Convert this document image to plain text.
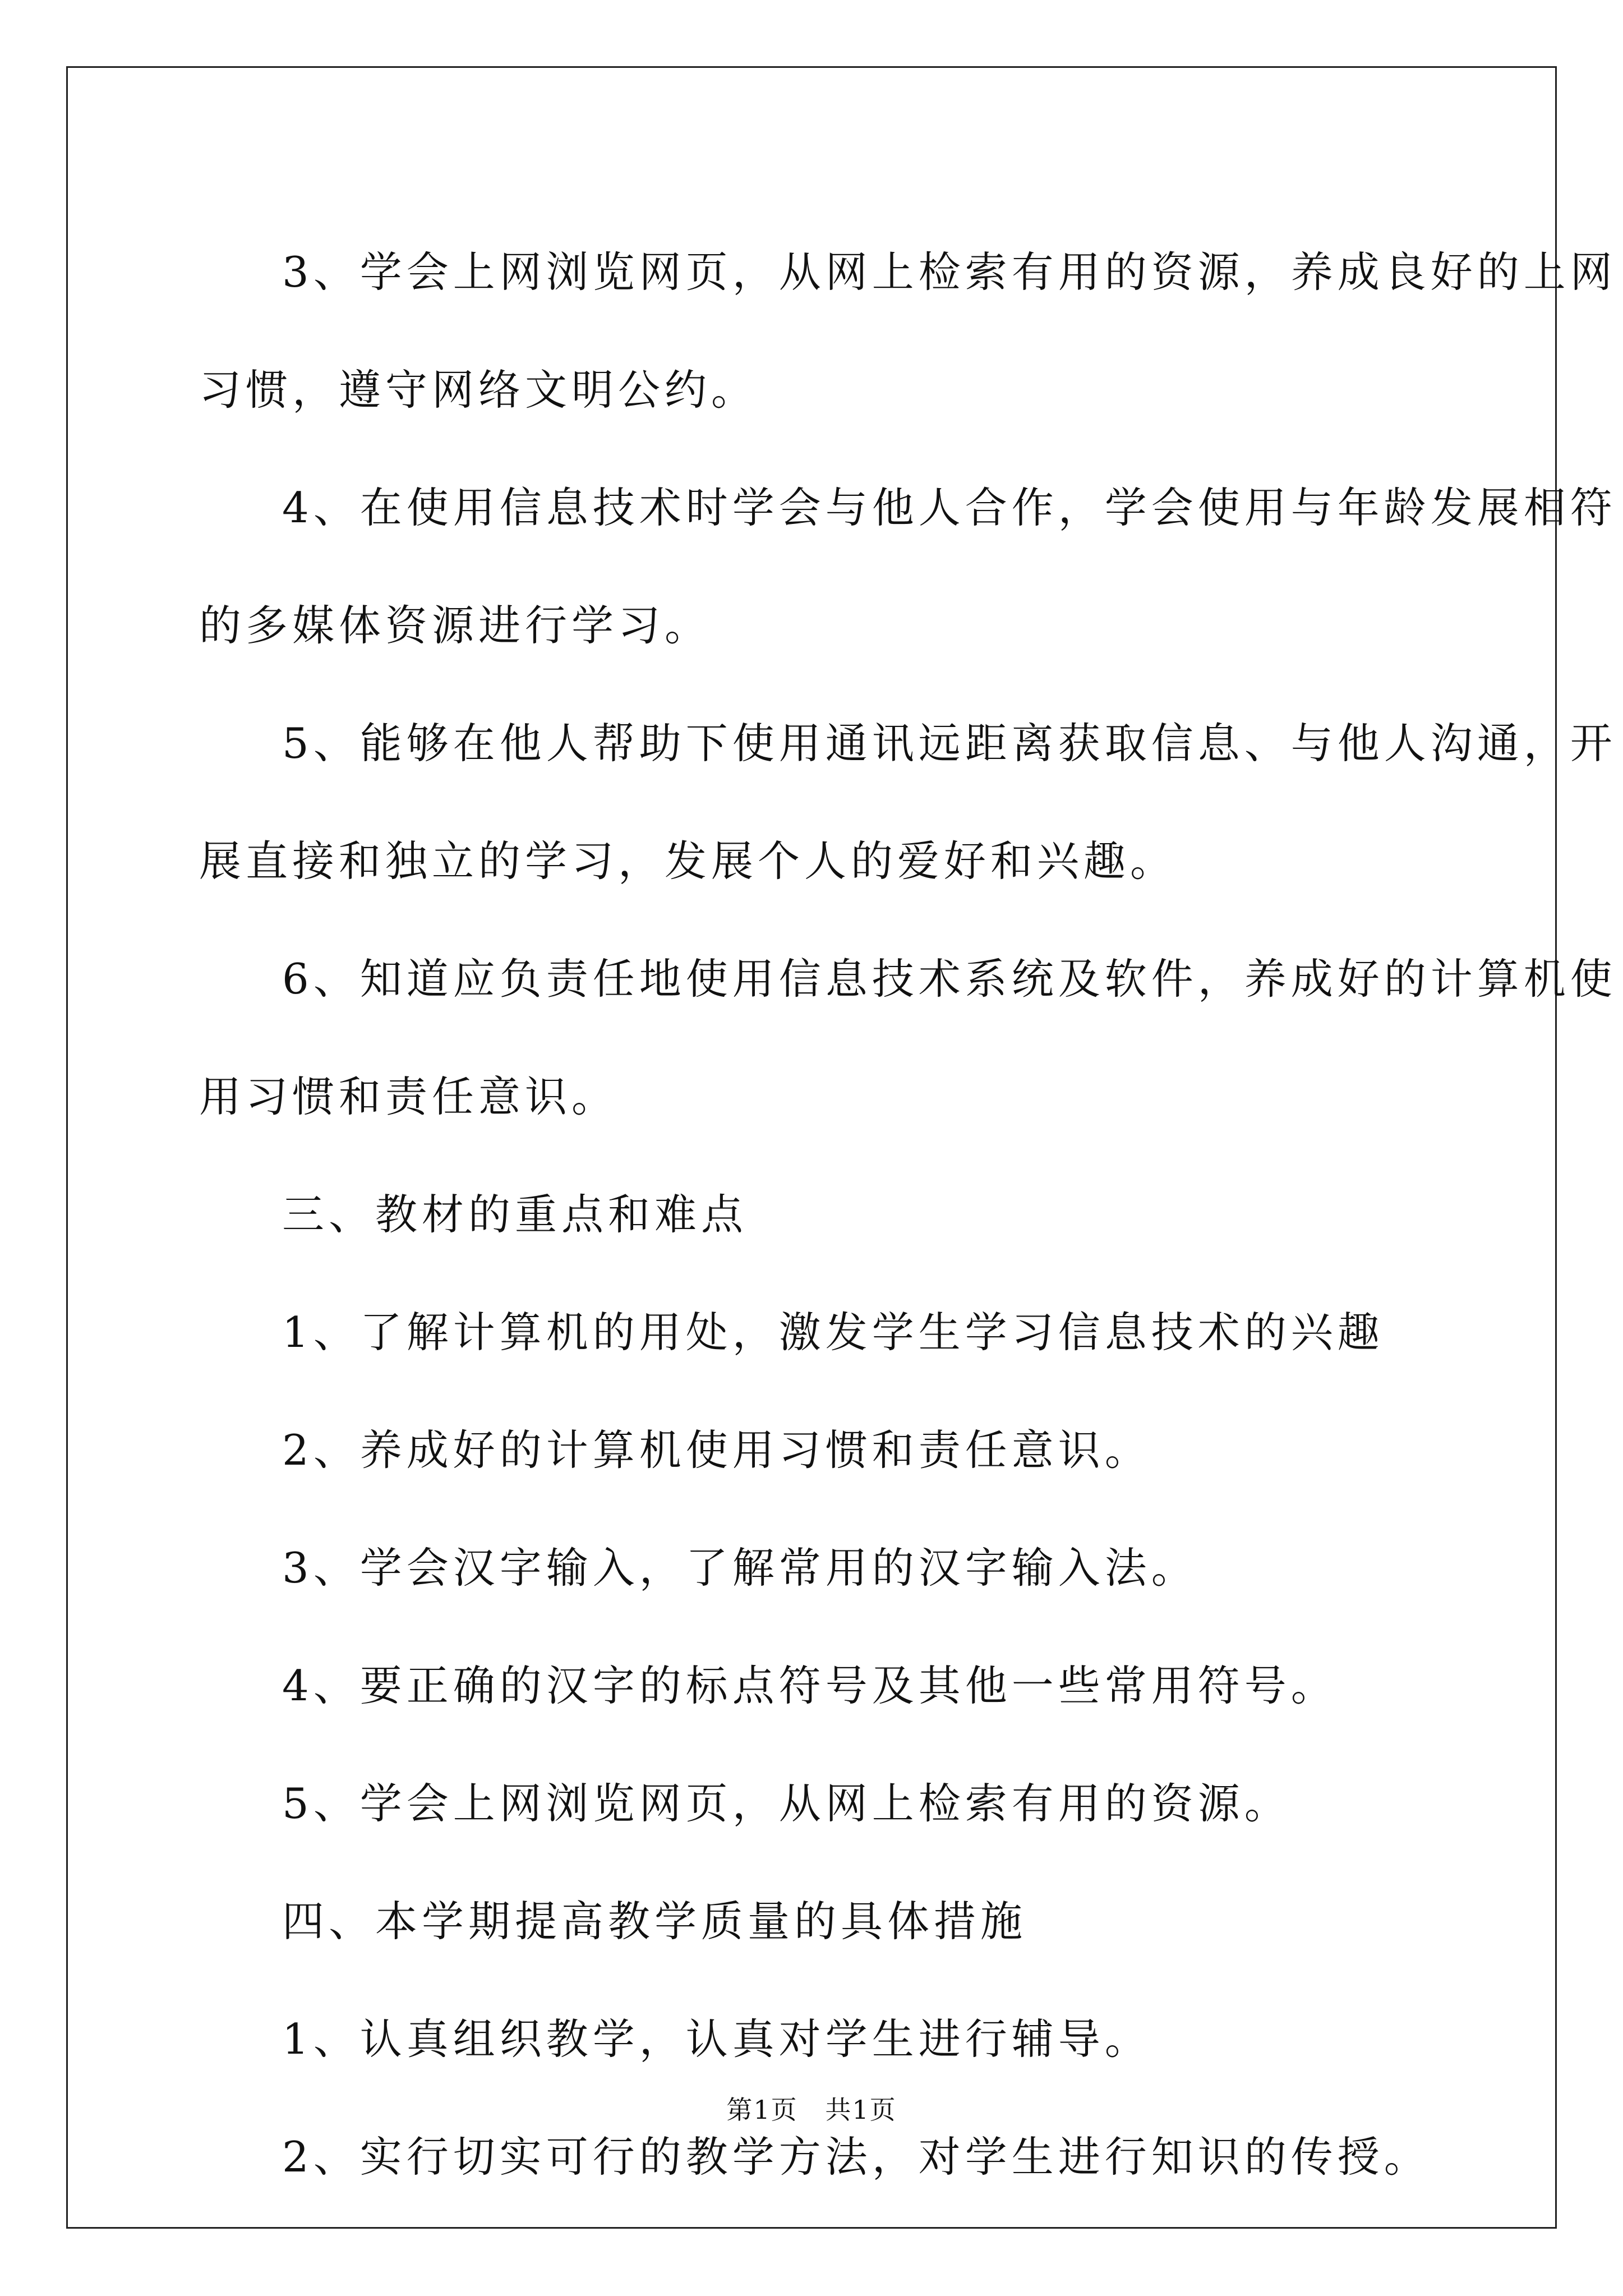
3、学会上网浏览网页，从网上检索有用的资源，养成良好的上网

习惯，遵守网络文明公约。

4、在使用信息技术时学会与他人合作，学会使用与年龄发展相符

的多媒体资源进行学习。

5、能够在他人帮助下使用通讯远距离获取信息、与他人沟通，开

展直接和独立的学习，发展个人的爱好和兴趣。

6、知道应负责任地使用信息技术系统及软件，养成好的计算机使

用习惯和责任意识。

三、教材的重点和难点

1、了解计算机的用处，激发学生学习信息技术的兴趣

2、养成好的计算机使用习惯和责任意识。

3、学会汉字输入，了解常用的汉字输入法。

4、要正确的汉字的标点符号及其他一些常用符号。

5、学会上网浏览网页，从网上检索有用的资源。

四、本学期提高教学质量的具体措施

1、认真组织教学，认真对学生进行辅导。

2、实行切实可行的教学方法，对学生进行知识的传授。

第1页 共1页
